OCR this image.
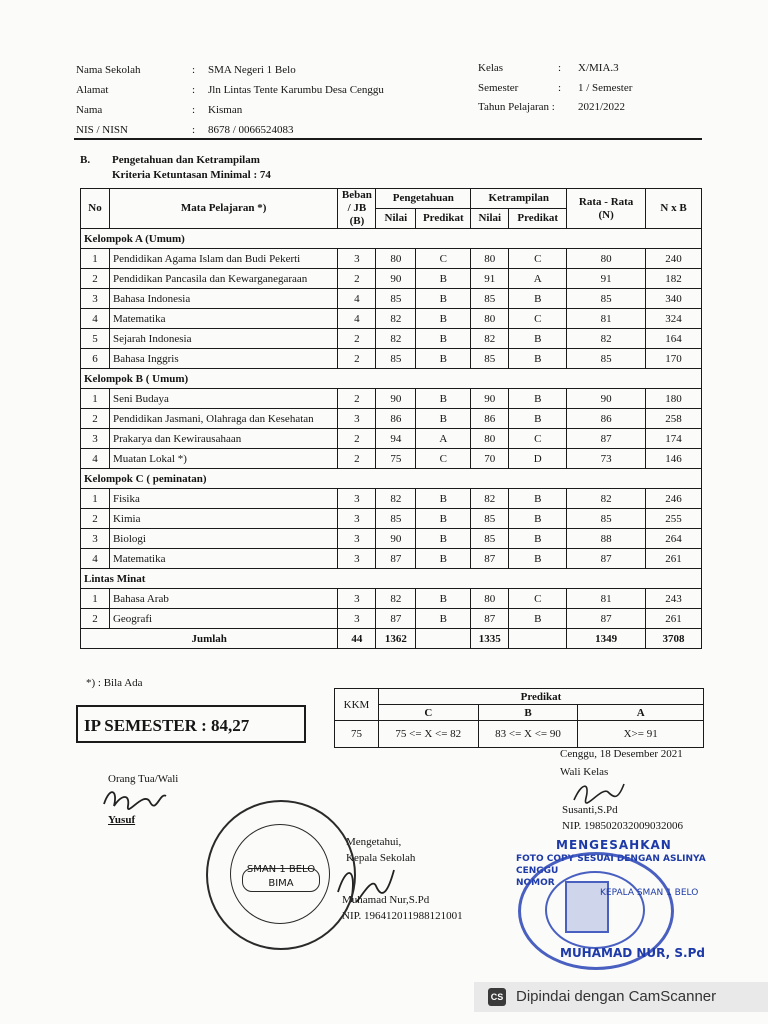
Nama Sekolah	: SMA Negeri 1 Belo
Alamat	: Jln Lintas Tente Karumbu Desa Cenggu
Nama	: Kisman
NIS / NISN	: 8678 / 0066524083
Kelas	: X/MIA.3
Semester	: 1 / Semester
Tahun Pelajaran : 2021/2022
B. Pengetahuan dan Ketrampilam
Kriteria Ketuntasan Minimal : 74
No	Mata Pelajaran *)	Beban / JB (B)	Pengetahuan		Ketrampilan		Rata - Rata (N)	N x B
			Nilai	Predikat	Nilai	Predikat		
Kelompok A (Umum)								
1	Pendidikan Agama Islam dan Budi Pekerti	3	80	C	80	C	80	240
2	Pendidikan Pancasila dan Kewarganegaraan	2	90	B	91	A	91	182
3	Bahasa Indonesia	4	85	B	85	B	85	340
4	Matematika	4	82	B	80	C	81	324
5	Sejarah Indonesia	2	82	B	82	B	82	164
6	Bahasa Inggris	2	85	B	85	B	85	170
Kelompok B ( Umum)								
1	Seni Budaya	2	90	B	90	B	90	180
2	Pendidikan Jasmani, Olahraga dan Kesehatan	3	86	B	86	B	86	258
3	Prakarya dan Kewirausahaan	2	94	A	80	C	87	174
4	Muatan Lokal *)	2	75	C	70	D	73	146
Kelompok C ( peminatan)								
1	Fisika	3	82	B	82	B	82	246
2	Kimia	3	85	B	85	B	85	255
3	Biologi	3	90	B	85	B	88	264
4	Matematika	3	87	B	87	B	87	261
Lintas Minat								
1	Bahasa Arab	3	82	B	80	C	81	243
2	Geografi	3	87	B	87	B	87	261
Jumlah		44	1362		1335		1349	3708
*) : Bila Ada
IP SEMESTER : 84,27
KKM	Predikat		
	C	B	A
75	75 <= X <= 82	83 <= X <= 90	X>= 91
Cenggu, 18 Desember 2021
Wali Kelas
Susanti,S.Pd
NIP. 198502032009032006
Orang Tua/Wali
Yusuf
Mengetahui,
Kepala Sekolah
Muhamad Nur,S.Pd
NIP. 196412011988121001
SMAN 1 BELO
BIMA
MENGESAHKAN
FOTO COPY SESUAI DENGAN ASLINYA
CENGGU
NOMOR
KEPALA SMAN 1 BELO
MUHAMAD NUR, S.Pd
CS Dipindai dengan CamScanner
